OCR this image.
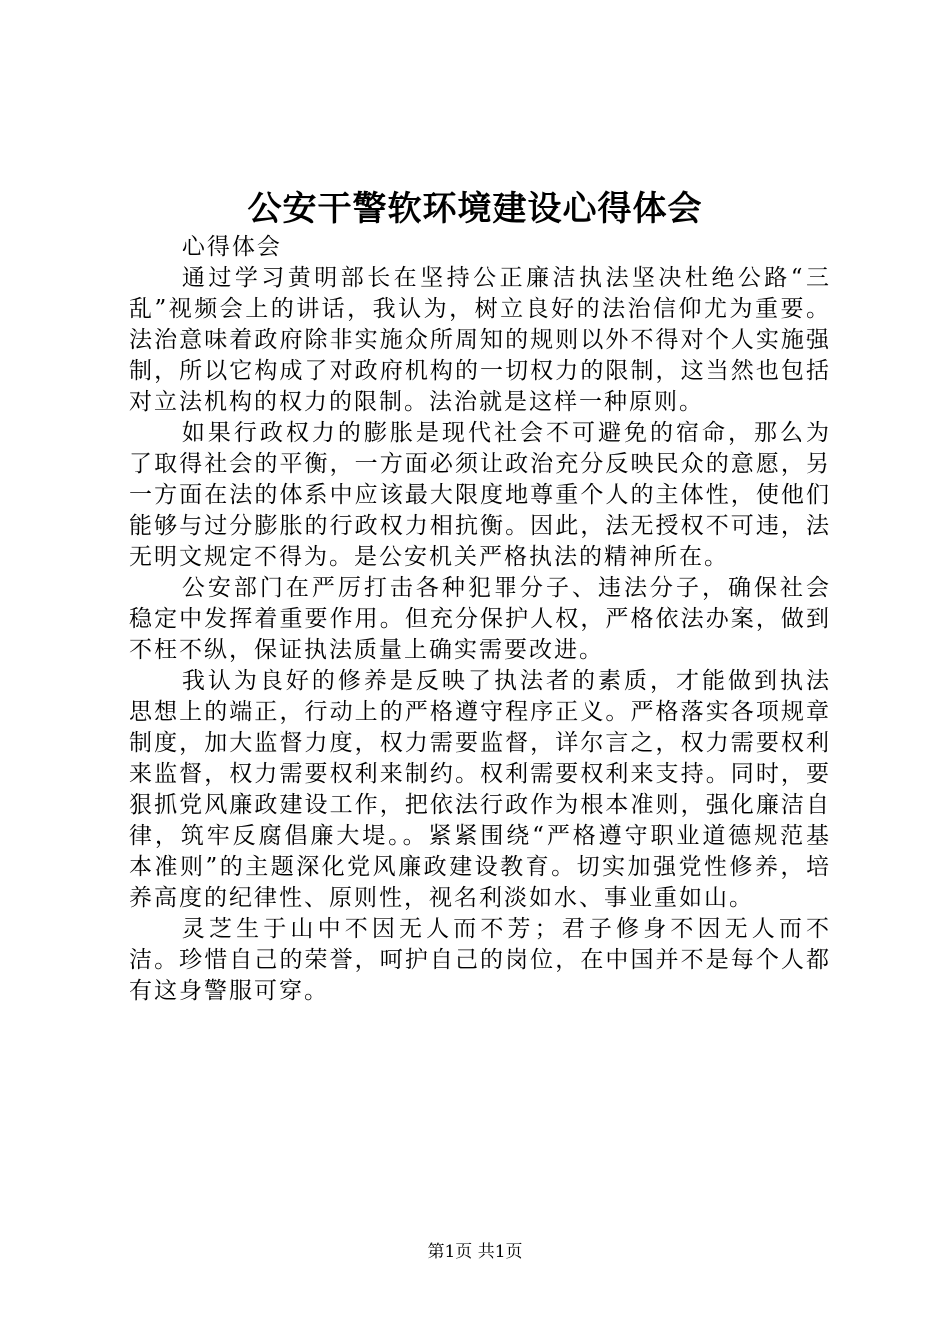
公安干警软环境建设心得体会

心得体会

通过学习黄明部长在坚持公正廉洁执法坚决杜绝公路“三乱”视频会上的讲话，我认为，树立良好的法治信仰尤为重要。法治意味着政府除非实施众所周知的规则以外不得对个人实施强制，所以它构成了对政府机构的一切权力的限制，这当然也包括对立法机构的权力的限制。法治就是这样一种原则。

如果行政权力的膨胀是现代社会不可避免的宿命，那么为了取得社会的平衡，一方面必须让政治充分反映民众的意愿，另一方面在法的体系中应该最大限度地尊重个人的主体性，使他们能够与过分膨胀的行政权力相抗衡。因此，法无授权不可违，法无明文规定不得为。是公安机关严格执法的精神所在。

公安部门在严厉打击各种犯罪分子、违法分子，确保社会稳定中发挥着重要作用。但充分保护人权，严格依法办案，做到不枉不纵，保证执法质量上确实需要改进。

我认为良好的修养是反映了执法者的素质，才能做到执法思想上的端正，行动上的严格遵守程序正义。严格落实各项规章制度，加大监督力度，权力需要监督，详尔言之，权力需要权利来监督，权力需要权利来制约。权利需要权利来支持。同时，要狠抓党风廉政建设工作，把依法行政作为根本准则，强化廉洁自律，筑牢反腐倡廉大堤。。紧紧围绕“严格遵守职业道德规范基本准则”的主题深化党风廉政建设教育。切实加强党性修养，培养高度的纪律性、原则性，视名利淡如水、事业重如山。

灵芝生于山中不因无人而不芳；君子修身不因无人而不洁。珍惜自己的荣誉，呵护自己的岗位，在中国并不是每个人都有这身警服可穿。

第1页 共1页
